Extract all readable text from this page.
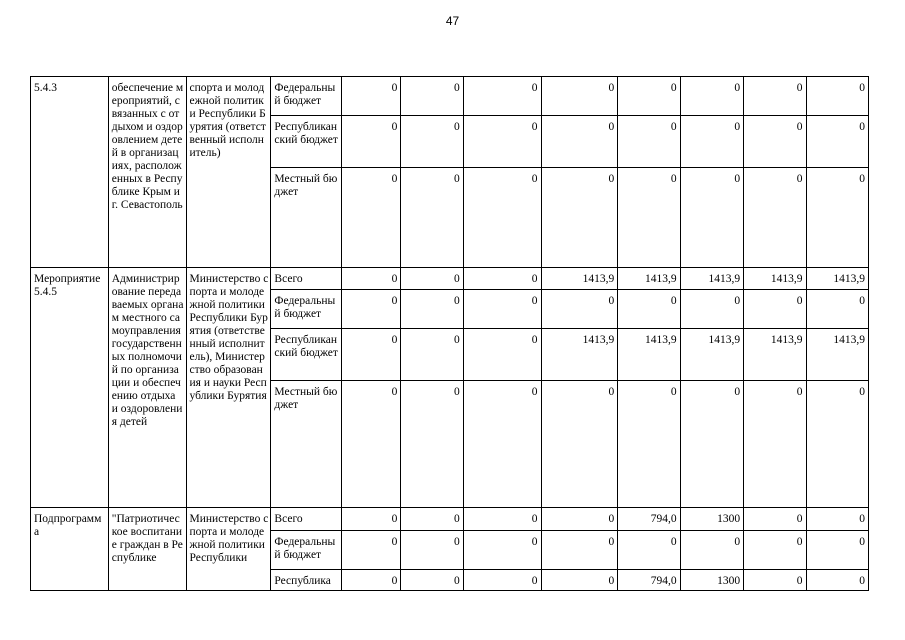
47
5.4.3	обеспечение мероприятий, связанных с отдыхом и оздоровлением детей в организациях, расположенных в Республике Крым и г. Севастополь	спорта и молодежной политики Республики Бурятия (ответственный исполнитель)	Федеральный бюджет	0	0	0	0	0	0	0	0
			Республиканский бюджет	0	0	0	0	0	0	0	0
			Местный бюджет	0	0	0	0	0	0	0	0
Мероприятие 5.4.5	Администрирование передаваемых органам местного самоуправления государственных полномочий по организации и обеспечению отдыха и оздоровления детей	Министерство спорта и молодежной политики Республики Бурятия (ответственный исполнитель), Министерство образования и науки Республики Бурятия	Всего	0	0	0	1413,9	1413,9	1413,9	1413,9	1413,9
			Федеральный бюджет	0	0	0	0	0	0	0	0
			Республиканский бюджет	0	0	0	1413,9	1413,9	1413,9	1413,9	1413,9
			Местный бюджет	0	0	0	0	0	0	0	0
Подпрограмма	"Патриотическое воспитание граждан в Республике	Министерство спорта и молодежной политики Республики	Всего	0	0	0	0	794,0	1300	0	0
			Федеральный бюджет	0	0	0	0	0	0	0	0
			Республика	0	0	0	0	794,0	1300	0	0
